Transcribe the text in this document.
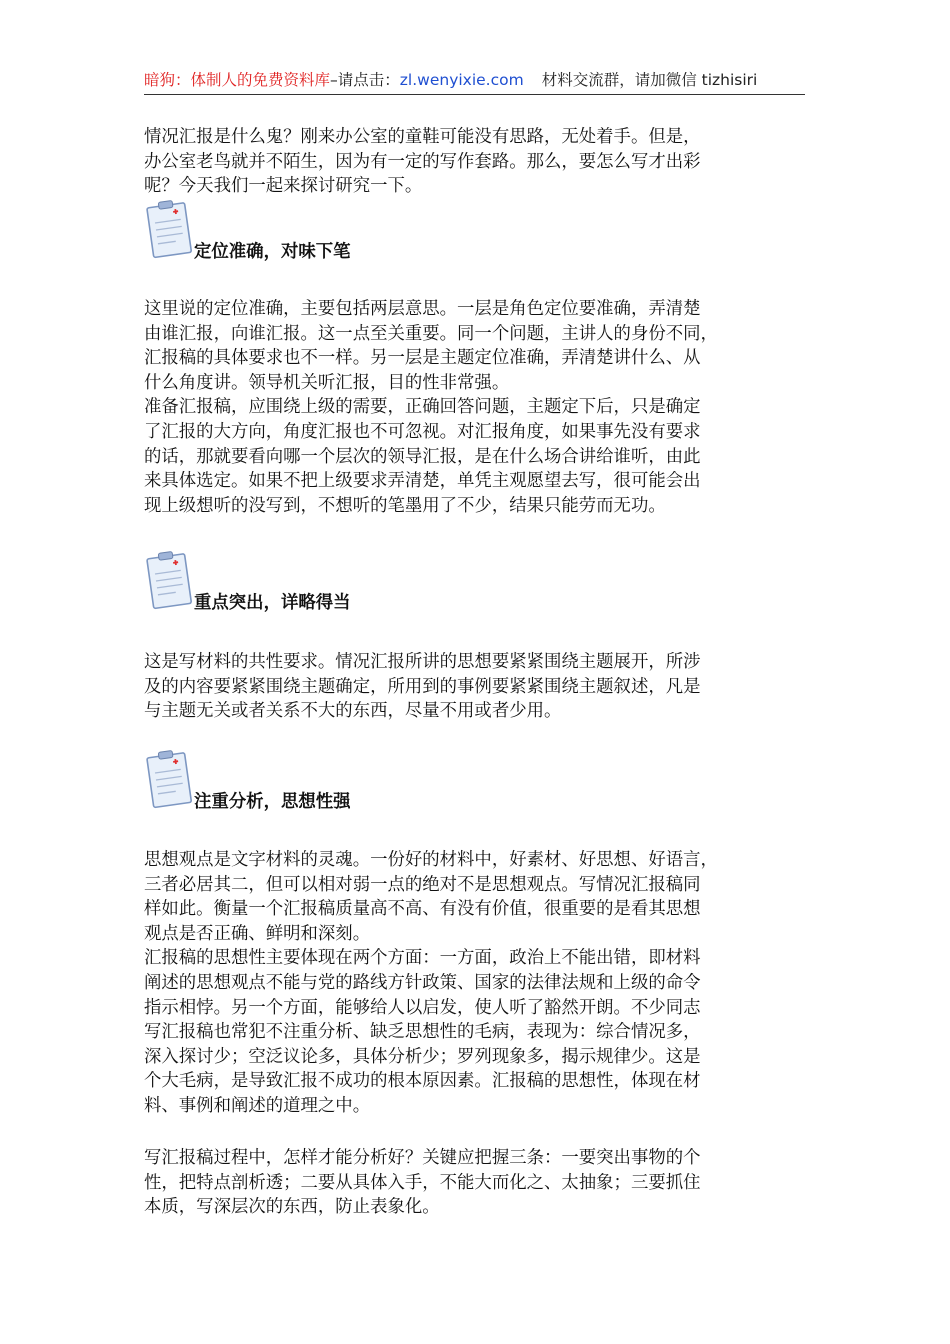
暗狗：体制人的免费资料库–请点击：zl.wenyixie.com 材料交流群，请加微信 tizhisiri

情况汇报是什么鬼？刚来办公室的童鞋可能没有思路，无处着手。但是，
办公室老鸟就并不陌生，因为有一定的写作套路。那么，要怎么写才出彩
呢？今天我们一起来探讨研究一下。

定位准确，对味下笔

这里说的定位准确，主要包括两层意思。一层是角色定位要准确，弄清楚
由谁汇报，向谁汇报。这一点至关重要。同一个问题，主讲人的身份不同，
汇报稿的具体要求也不一样。另一层是主题定位准确，弄清楚讲什么、从
什么角度讲。领导机关听汇报，目的性非常强。
准备汇报稿，应围绕上级的需要，正确回答问题，主题定下后，只是确定
了汇报的大方向，角度汇报也不可忽视。对汇报角度，如果事先没有要求
的话，那就要看向哪一个层次的领导汇报，是在什么场合讲给谁听，由此
来具体选定。如果不把上级要求弄清楚，单凭主观愿望去写，很可能会出
现上级想听的没写到，不想听的笔墨用了不少，结果只能劳而无功。

重点突出，详略得当

这是写材料的共性要求。情况汇报所讲的思想要紧紧围绕主题展开，所涉
及的内容要紧紧围绕主题确定，所用到的事例要紧紧围绕主题叙述，凡是
与主题无关或者关系不大的东西，尽量不用或者少用。

注重分析，思想性强

思想观点是文字材料的灵魂。一份好的材料中，好素材、好思想、好语言，
三者必居其二，但可以相对弱一点的绝对不是思想观点。写情况汇报稿同
样如此。衡量一个汇报稿质量高不高、有没有价值，很重要的是看其思想
观点是否正确、鲜明和深刻。
汇报稿的思想性主要体现在两个方面：一方面，政治上不能出错，即材料
阐述的思想观点不能与党的路线方针政策、国家的法律法规和上级的命令
指示相悖。另一个方面，能够给人以启发，使人听了豁然开朗。不少同志
写汇报稿也常犯不注重分析、缺乏思想性的毛病，表现为：综合情况多，
深入探讨少；空泛议论多，具体分析少；罗列现象多，揭示规律少。这是
个大毛病，是导致汇报不成功的根本原因素。汇报稿的思想性，体现在材
料、事例和阐述的道理之中。

写汇报稿过程中，怎样才能分析好？关键应把握三条：一要突出事物的个
性，把特点剖析透；二要从具体入手，不能大而化之、太抽象；三要抓住
本质，写深层次的东西，防止表象化。
